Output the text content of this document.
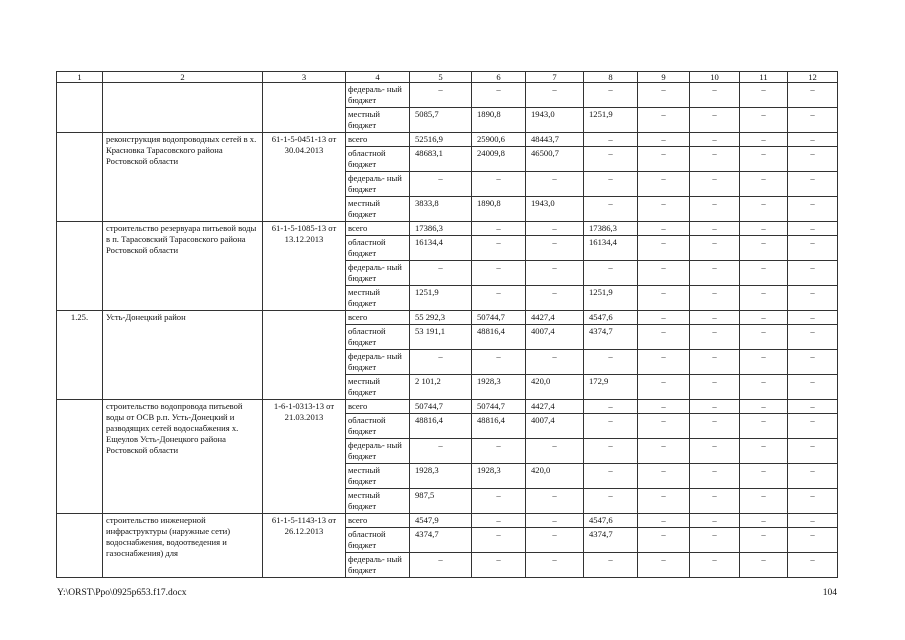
1	2	3	4	5	6	7	8	9	10	11	12
			федераль- ный бюджет	–	–	–	–	–	–	–	–
			местный бюджет	5085,7	1890,8	1943,0	1251,9	–	–	–	–
	реконструкция водопроводных сетей в х. Красновка Тарасовского района Ростовской области	61-1-5-0451-13 от 30.04.2013	всего	52516,9	25900,6	48443,7	–	–	–	–	–
			областной бюджет	48683,1	24009,8	46500,7	–	–	–	–	–
			федераль- ный бюджет	–	–	–	–	–	–	–	–
			местный бюджет	3833,8	1890,8	1943,0	–	–	–	–	–
	строительство резервуара питьевой воды в п. Тарасовский Тарасовского района Ростовской области	61-1-5-1085-13 от 13.12.2013	всего	17386,3	–	–	17386,3	–	–	–	–
			областной бюджет	16134,4	–	–	16134,4	–	–	–	–
			федераль- ный бюджет	–	–	–	–	–	–	–	–
			местный бюджет	1251,9	–	–	1251,9	–	–	–	–
1.25.	Усть-Донецкий район		всего	55 292,3	50744,7	4427,4	4547,6	–	–	–	–
			областной бюджет	53 191,1	48816,4	4007,4	4374,7	–	–	–	–
			федераль- ный бюджет	–	–	–	–	–	–	–	–
			местный бюджет	2 101,2	1928,3	420,0	172,9	–	–	–	–
	строительство водопровода питьевой воды от ОСВ р.п. Усть-Донецкий и разводящих сетей водоснабжения х. Ещеулов Усть-Донецкого района Ростовской области	1-6-1-0313-13 от 21.03.2013	всего	50744,7	50744,7	4427,4	–	–	–	–	–
			областной бюджет	48816,4	48816,4	4007,4	–	–	–	–	–
			федераль- ный бюджет	–	–	–	–	–	–	–	–
			местный бюджет	1928,3	1928,3	420,0	–	–	–	–	–
			местный бюджет	987,5	–	–	–	–	–	–	–
	строительство инженерной инфраструктуры (наружные сети) водоснабжения, водоотведения и газоснабжения) для	61-1-5-1143-13 от 26.12.2013	всего	4547,9	–	–	4547,6	–	–	–	–
			областной бюджет	4374,7	–	–	4374,7	–	–	–	–
			федераль- ный бюджет	–	–	–	–	–	–	–	–
Y:\ORST\Ppo\0925p653.f17.docx	104
